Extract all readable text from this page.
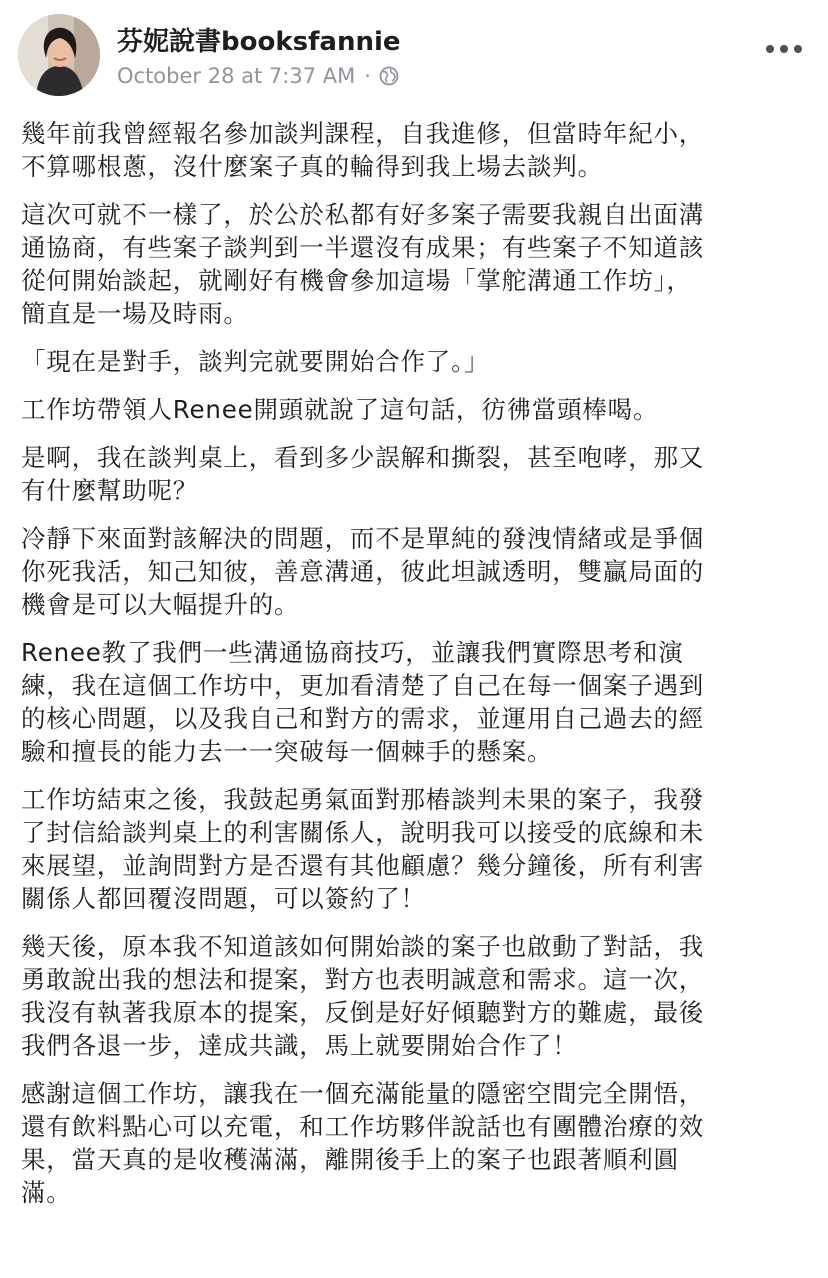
芬妮說書booksfannie
October 28 at 7:37 AM ·
幾年前我曾經報名參加談判課程，自我進修，但當時年紀小，
不算哪根蔥，沒什麼案子真的輪得到我上場去談判。
這次可就不一樣了，於公於私都有好多案子需要我親自出面溝
通協商，有些案子談判到一半還沒有成果；有些案子不知道該
從何開始談起，就剛好有機會參加這場「掌舵溝通工作坊」，
簡直是一場及時雨。
「現在是對手，談判完就要開始合作了。」
工作坊帶領人Renee開頭就說了這句話，彷彿當頭棒喝。
是啊，我在談判桌上，看到多少誤解和撕裂，甚至咆哮，那又
有什麼幫助呢？
冷靜下來面對該解決的問題，而不是單純的發洩情緒或是爭個
你死我活，知己知彼，善意溝通，彼此坦誠透明，雙贏局面的
機會是可以大幅提升的。
Renee教了我們一些溝通協商技巧，並讓我們實際思考和演
練，我在這個工作坊中，更加看清楚了自己在每一個案子遇到
的核心問題，以及我自己和對方的需求，並運用自己過去的經
驗和擅長的能力去一一突破每一個棘手的懸案。
工作坊結束之後，我鼓起勇氣面對那樁談判未果的案子，我發
了封信給談判桌上的利害關係人，說明我可以接受的底線和未
來展望，並詢問對方是否還有其他顧慮？幾分鐘後，所有利害
關係人都回覆沒問題，可以簽約了！
幾天後，原本我不知道該如何開始談的案子也啟動了對話，我
勇敢說出我的想法和提案，對方也表明誠意和需求。這一次，
我沒有執著我原本的提案，反倒是好好傾聽對方的難處，最後
我們各退一步，達成共識，馬上就要開始合作了！
感謝這個工作坊，讓我在一個充滿能量的隱密空間完全開悟，
還有飲料點心可以充電，和工作坊夥伴說話也有團體治療的效
果，當天真的是收穫滿滿，離開後手上的案子也跟著順利圓
滿。
